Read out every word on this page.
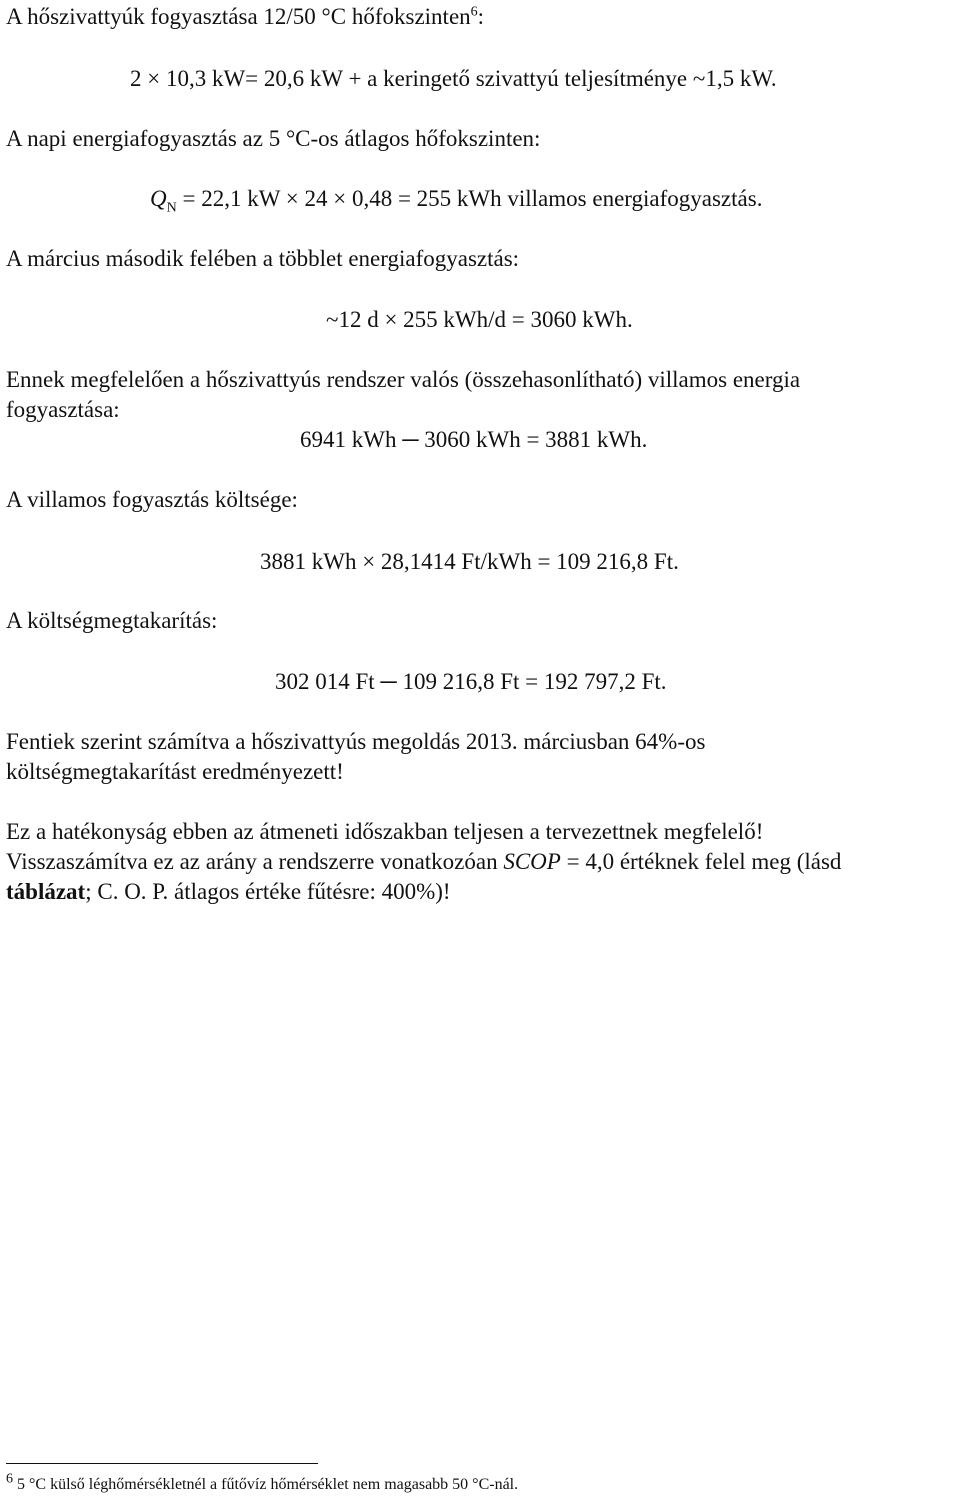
A hőszivattyúk fogyasztása 12/50 °C hőfokszinten$^6$:
2 × 10,3 kW= 20,6 kW + a keringető szivattyú teljesítménye ~1,5 kW.
A napi energiafogyasztás az 5 °C-os átlagos hőfokszinten:
$Q_N = 22,1$ kW × 24 × 0,48 = 255 kWh villamos energiafogyasztás.
A március második felében a többlet energiafogyasztás:
~12 d × 255 kWh/d = 3060 kWh.
Ennek megfelelően a hőszivattyús rendszer valós (összehasonlítható) villamos energia
fogyasztása:
6941 kWh ─ 3060 kWh = 3881 kWh.
A villamos fogyasztás költsége:
3881 kWh × 28,1414 Ft/kWh = 109 216,8 Ft.
A költségmegtakarítás:
302 014 Ft ─ 109 216,8 Ft = 192 797,2 Ft.
Fentiek szerint számítva a hőszivattyús megoldás 2013. márciusban 64%-os
költségmegtakarítást eredményezett!
Ez a hatékonyság ebben az átmeneti időszakban teljesen a tervezettnek megfelelő!
Visszaszámítva ez az arány a rendszerre vonatkozóan SCOP = 4,0 értéknek felel meg (lásd
táblázat; C. O. P. átlagos értéke fűtésre: 400%)!
$^6$ 5 °C külső léghőmérsékletnél a fűtővíz hőmérséklet nem magasabb 50 °C-nál.
